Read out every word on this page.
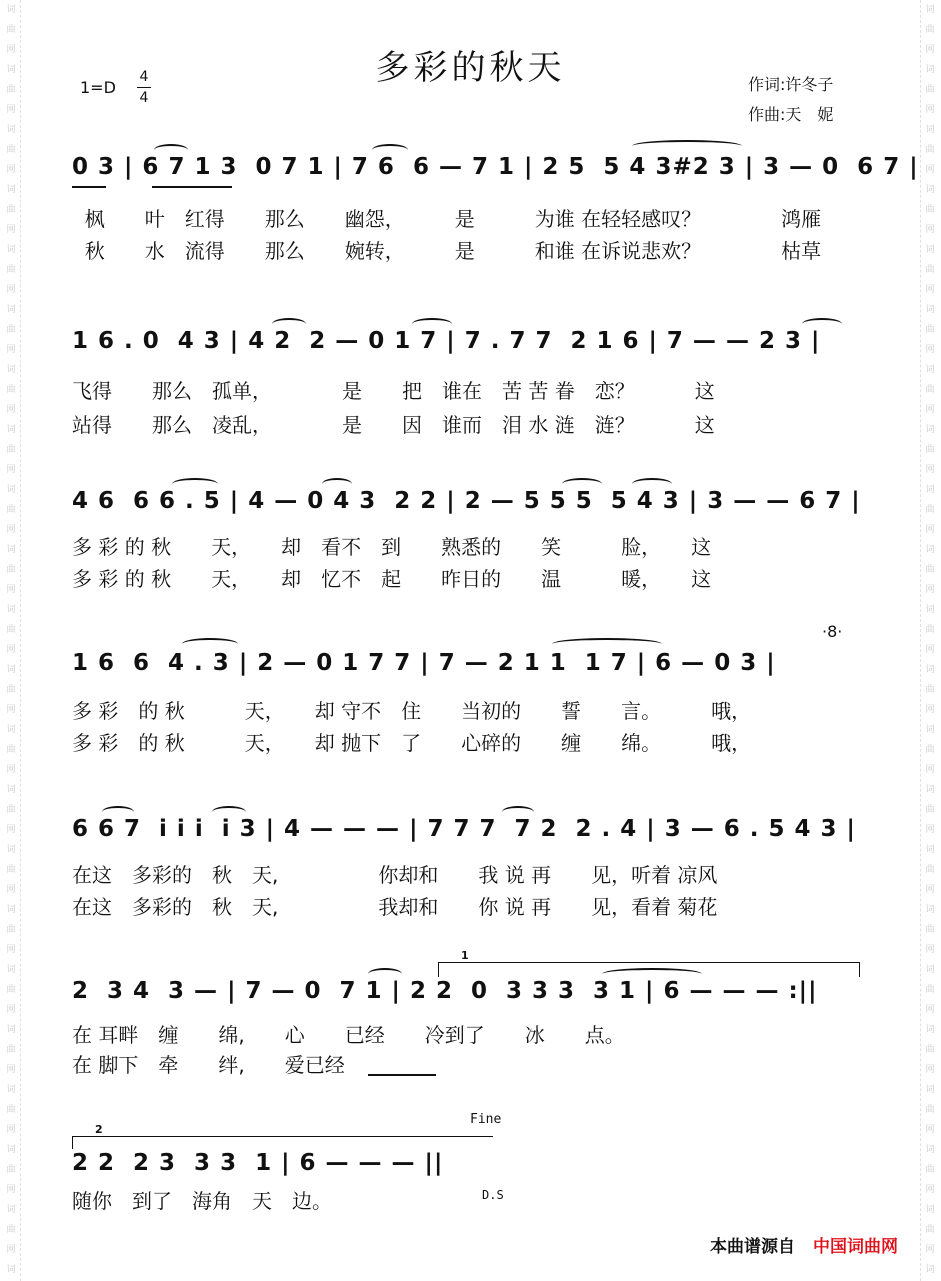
词
曲
网
词
曲
网
词
曲
网
词
曲
网
词
曲
网
词
曲
网
词
曲
网
词
曲
网
词
曲
网
词
曲
网
词
曲
网
词
曲
网
词
曲
网
词
曲
网
词
曲
网
词
曲
网
词
曲
网
词
曲
网
词
曲
网
词
曲
网
词
曲
网
词
词
曲
网
词
曲
网
词
曲
网
词
曲
网
词
曲
网
词
曲
网
词
曲
网
词
曲
网
词
曲
网
词
曲
网
词
曲
网
词
曲
网
词
曲
网
词
曲
网
词
曲
网
词
曲
网
词
曲
网
词
曲
网
词
曲
网
词
曲
网
词
曲
网
词
多彩的秋天
1=D
4
4
作词:许冬子
作曲:天　妮
0 3 | 6 7 1 3  0 7 1 | 7 6  6 — 7 1 | 2 5  5 4 3#2 3 | 3 — 0  6 7 |
枫　　叶　红得　　那么　　幽怨，　　　是　　　为谁 在轻轻感叹？　　　　鸿雁
秋　　水　流得　　那么　　婉转，　　　是　　　和谁 在诉说悲欢？　　　　枯草
1 6 . 0  4 3 | 4 2  2 — 0 1 7 | 7 . 7 7  2 1 6 | 7 — — 2 3 |
飞得　　那么　孤单，　　　　是　　把　谁在　苦 苦 眷　恋？　　　这
站得　　那么　凌乱，　　　　是　　因　谁而　泪 水 涟　涟？　　　这
4 6  6 6 . 5 | 4 — 0 4 3  2 2 | 2 — 5 5 5  5 4 3 | 3 — — 6 7 |
多 彩 的 秋　　天，　　却　看不　到　　熟悉的　　笑　　　脸，　　这
多 彩 的 秋　　天，　　却　忆不　起　　昨日的　　温　　　暖，　　这
1 6  6  4 . 3 | 2 — 0 1 7 7 | 7 — 2 1 1  1 7 | 6 — 0 3 |
多 彩　的 秋　　　天，　　却 守不　住　　当初的　　誓　　言。　　　哦，
多 彩　的 秋　　　天，　　却 抛下　了　　心碎的　　缠　　绵。　　　哦，
·8·
6 6 7  i i i  i 3 | 4 — — — | 7 7 7  7 2  2 . 4 | 3 — 6 . 5 4 3 |
在这　多彩的　秋　天,　　　　　你却和　　我 说 再　　见，听着 凉风
在这　多彩的　秋　天,　　　　　我却和　　你 说 再　　见，看着 菊花
2  3 4  3 — | 7 — 0  7 1 | 2 2  0  3 3 3  3 1 | 6 — — — :||
在 耳畔　缠　　绵,　　心　　已经　　冷到了　　冰　　点。
在 脚下　牵　　绊,　　爱已经
1
2 2  2 3  3 3  1 | 6 — — — ||
随你　到了　海角　天　边。
2
Fine
D.S
本曲谱源自 中国词曲网
